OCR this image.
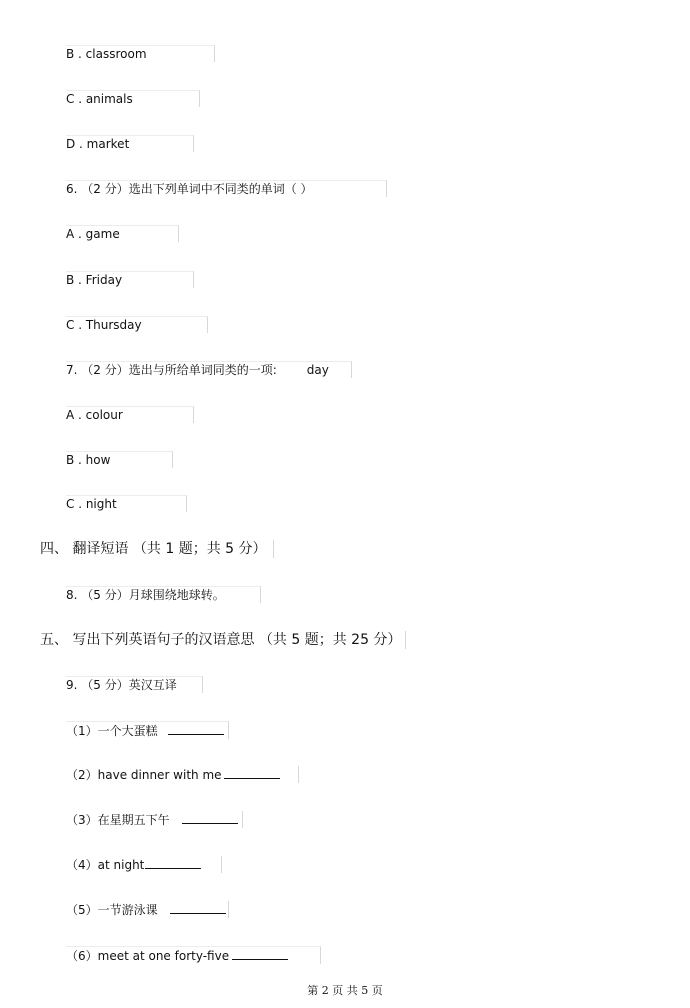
B . classroom
C . animals
D . market
6. （2 分）选出下列单词中不同类的单词（ ）
A . game
B . Friday
C . Thursday
7. （2 分）选出与所给单词同类的一项:	day
A . colour
B . how
C . night
四、 翻译短语 （共 1 题；共 5 分）
8. （5 分）月球围绕地球转。
五、 写出下列英语句子的汉语意思 （共 5 题；共 25 分）
9. （5 分）英汉互译
（1）一个大蛋糕
（2）have dinner with me
（3）在星期五下午
（4）at night
（5）一节游泳课
（6）meet at one forty-five
第 2 页 共 5 页
